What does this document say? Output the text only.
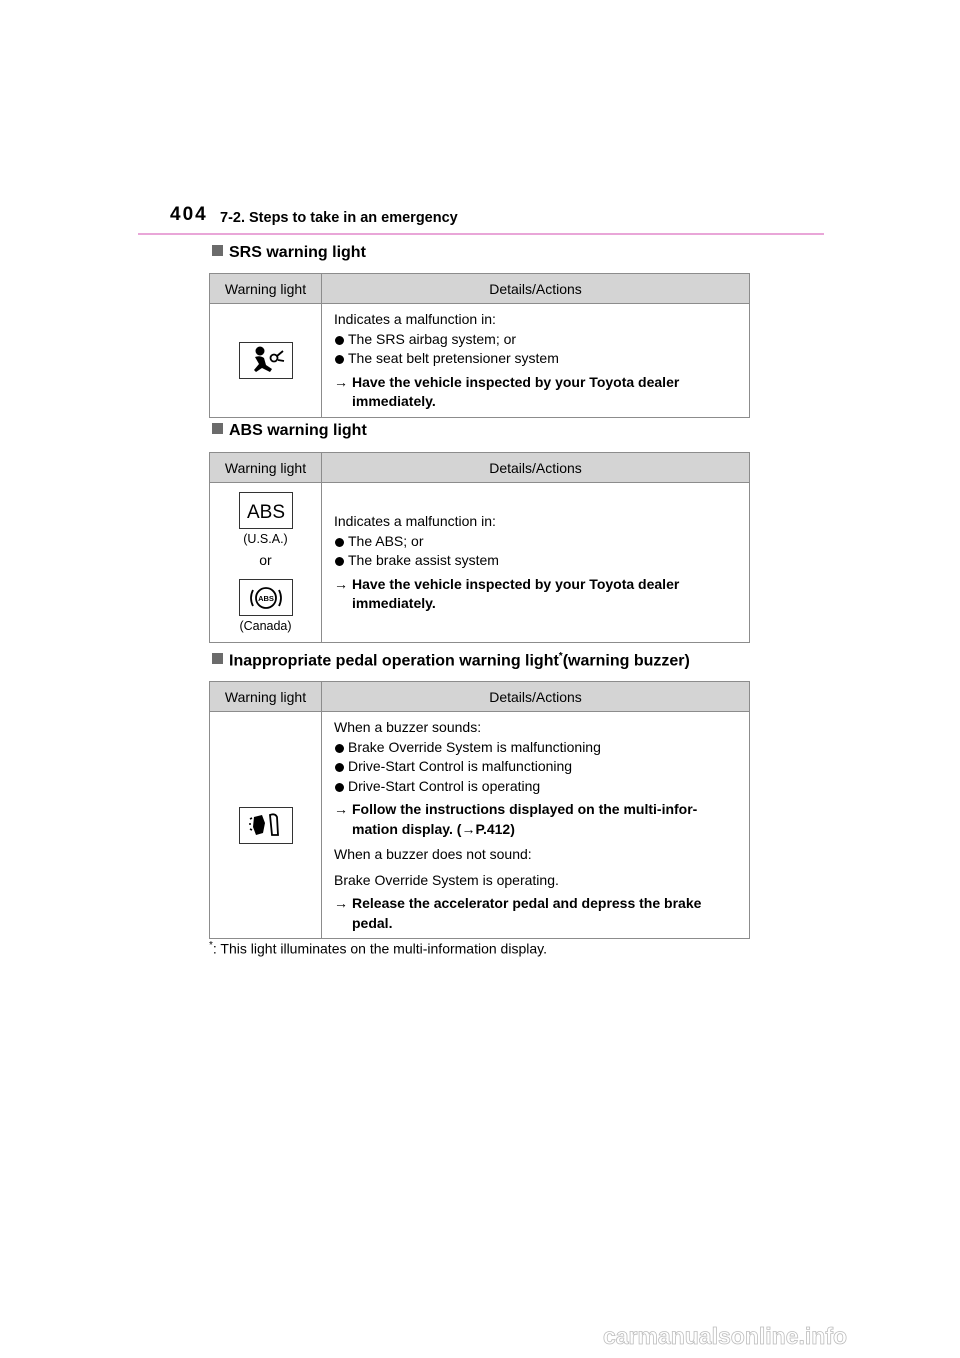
404 7-2. Steps to take in an emergency
SRS warning light
Warning light	Details/Actions
Indicates a malfunction in:
The SRS airbag system; or
The seat belt pretensioner system
→ Have the vehicle inspected by your Toyota dealer
immediately.
ABS warning light
Warning light	Details/Actions
ABS
(U.S.A.)
or
ABS
(Canada)
Indicates a malfunction in:
The ABS; or
The brake assist system
→ Have the vehicle inspected by your Toyota dealer
immediately.
Inappropriate pedal operation warning light*(warning buzzer)
Warning light	Details/Actions
When a buzzer sounds:
Brake Override System is malfunctioning
Drive-Start Control is malfunctioning
Drive-Start Control is operating
→ Follow the instructions displayed on the multi-infor-
mation display. (→P.412)
When a buzzer does not sound:
Brake Override System is operating.
→ Release the accelerator pedal and depress the brake
pedal.
*: This light illuminates on the multi-information display.
carmanualsonline.info
